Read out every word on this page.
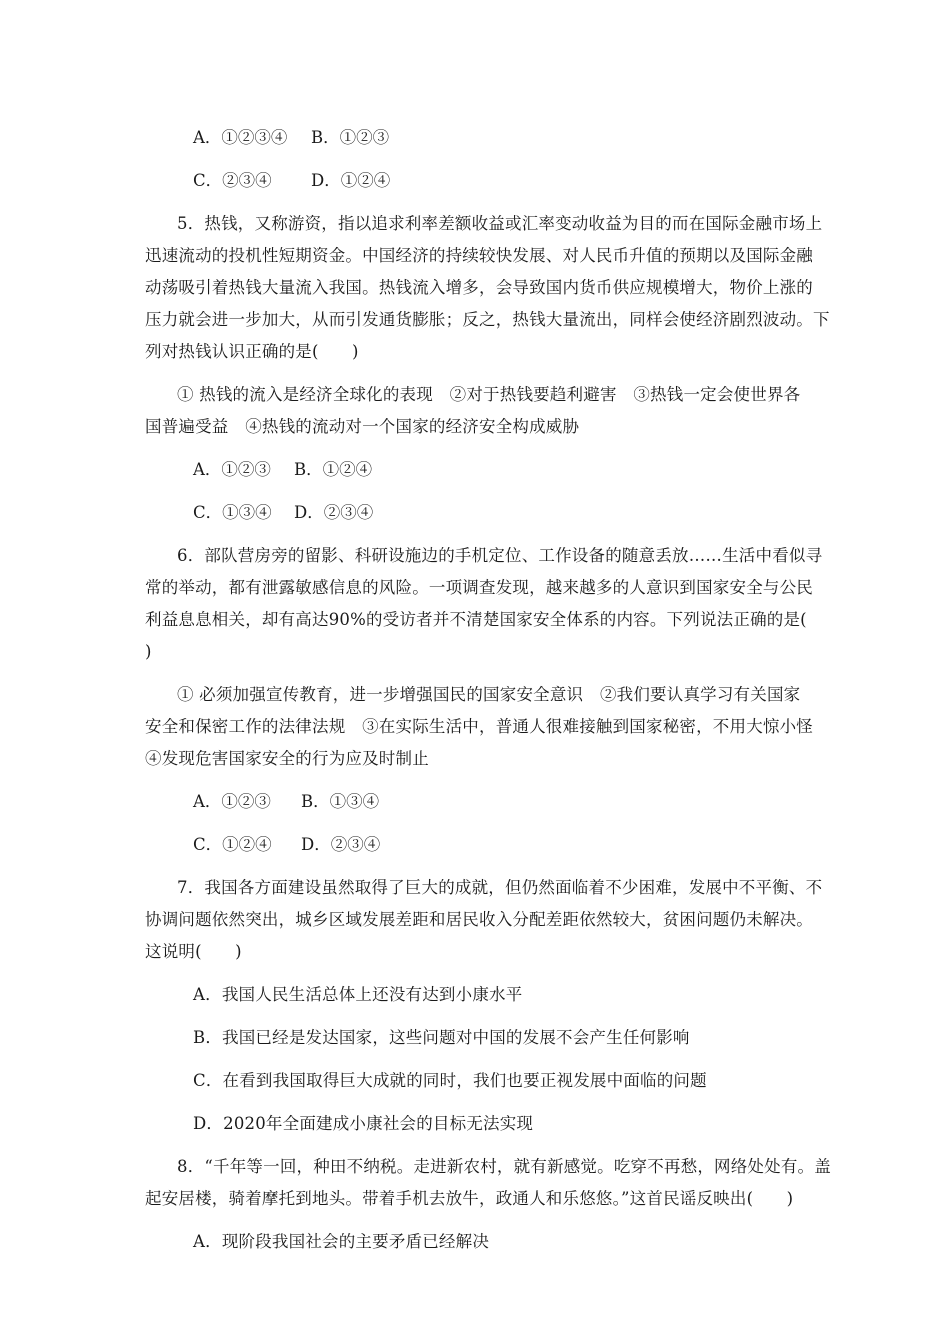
A．①②③④ B．①②③
C．②③④ D．①②④
5．热钱，又称游资，指以追求利率差额收益或汇率变动收益为目的而在国际金融市场上
迅速流动的投机性短期资金。中国经济的持续较快发展、对人民币升值的预期以及国际金融
动荡吸引着热钱大量流入我国。热钱流入增多，会导致国内货币供应规模增大，物价上涨的
压力就会进一步加大，从而引发通货膨胀；反之，热钱大量流出，同样会使经济剧烈波动。下
列对热钱认识正确的是(　　)
① 热钱的流入是经济全球化的表现　②对于热钱要趋利避害　③热钱一定会使世界各
国普遍受益　④热钱的流动对一个国家的经济安全构成威胁
A．①②③ B．①②④
C．①③④ D．②③④
6．部队营房旁的留影、科研设施边的手机定位、工作设备的随意丢放……生活中看似寻
常的举动，都有泄露敏感信息的风险。一项调查发现，越来越多的人意识到国家安全与公民
利益息息相关，却有高达90%的受访者并不清楚国家安全体系的内容。下列说法正确的是(
)
① 必须加强宣传教育，进一步增强国民的国家安全意识　②我们要认真学习有关国家
安全和保密工作的法律法规　③在实际生活中，普通人很难接触到国家秘密，不用大惊小怪
④发现危害国家安全的行为应及时制止
A．①②③ B．①③④
C．①②④ D．②③④
7．我国各方面建设虽然取得了巨大的成就，但仍然面临着不少困难，发展中不平衡、不
协调问题依然突出，城乡区域发展差距和居民收入分配差距依然较大，贫困问题仍未解决。
这说明(　　)
A．我国人民生活总体上还没有达到小康水平
B．我国已经是发达国家，这些问题对中国的发展不会产生任何影响
C．在看到我国取得巨大成就的同时，我们也要正视发展中面临的问题
D．2020年全面建成小康社会的目标无法实现
8．“千年等一回，种田不纳税。走进新农村，就有新感觉。吃穿不再愁，网络处处有。盖
起安居楼，骑着摩托到地头。带着手机去放牛，政通人和乐悠悠。”这首民谣反映出(　　)
A．现阶段我国社会的主要矛盾已经解决
